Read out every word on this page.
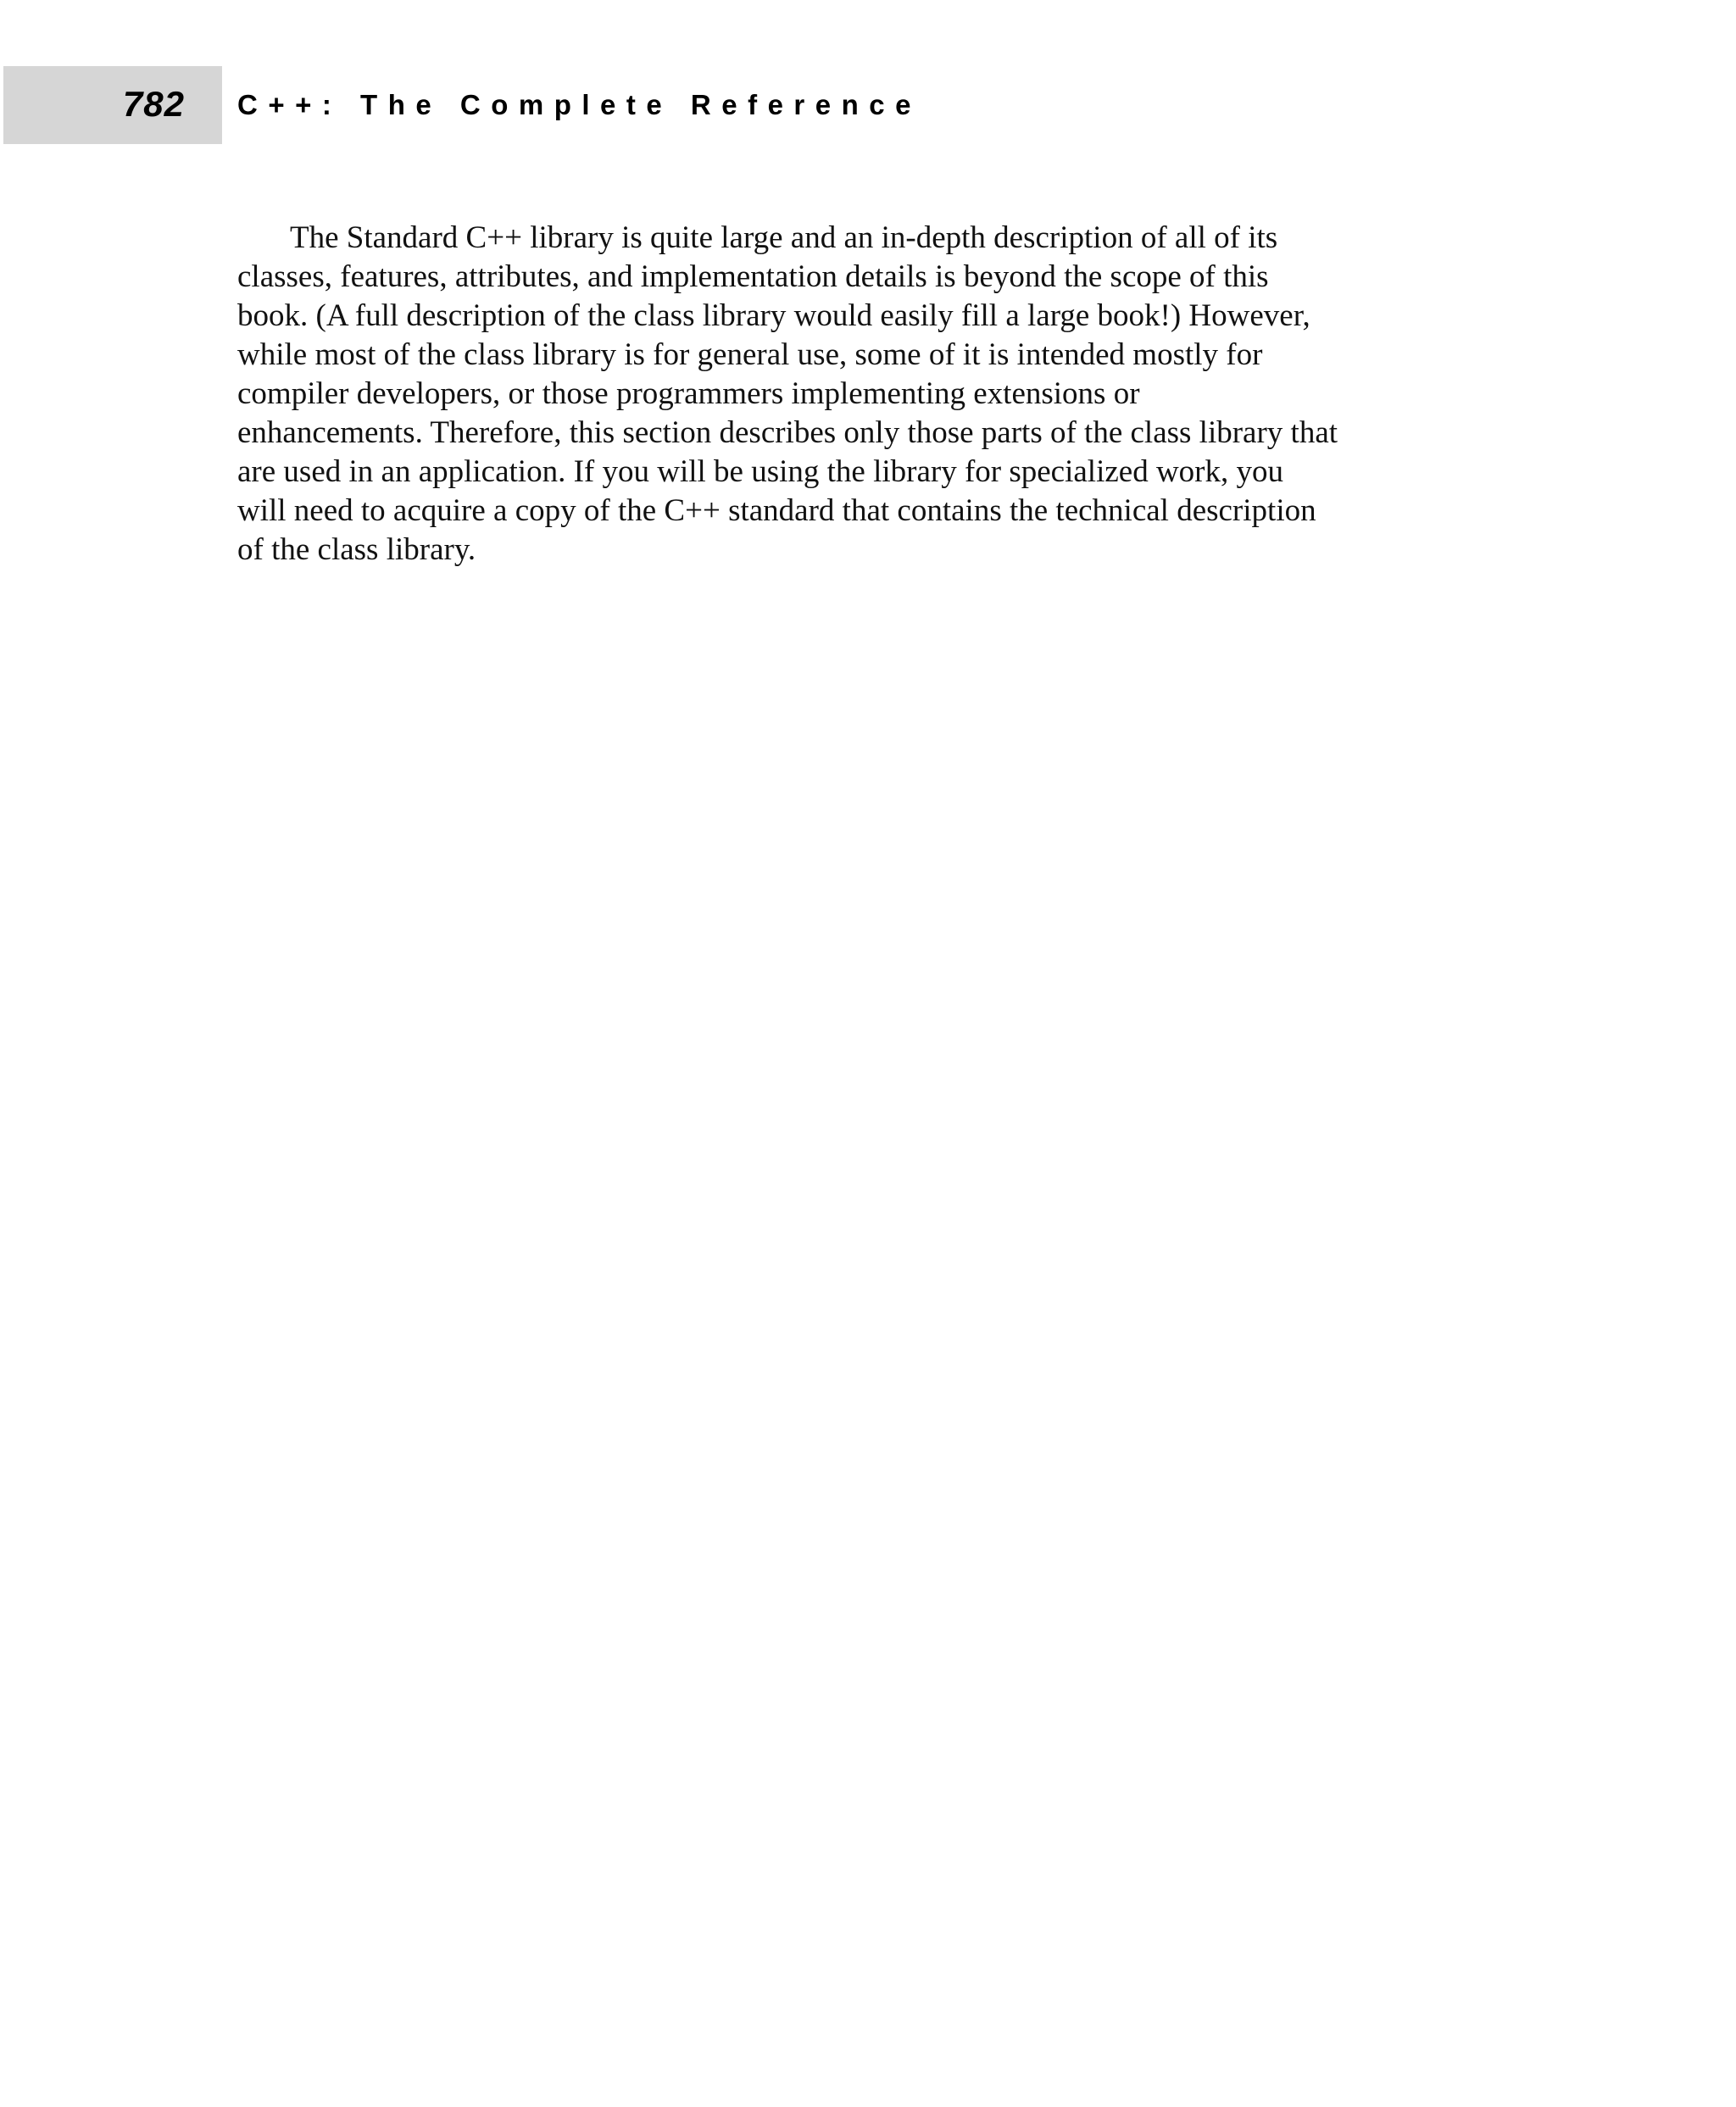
782 C++: The Complete Reference

The Standard C++ library is quite large and an in-depth description of all of its
classes, features, attributes, and implementation details is beyond the scope of this
book. (A full description of the class library would easily fill a large book!) However,
while most of the class library is for general use, some of it is intended mostly for
compiler developers, or those programmers implementing extensions or
enhancements. Therefore, this section describes only those parts of the class library that
are used in an application. If you will be using the library for specialized work, you
will need to acquire a copy of the C++ standard that contains the technical description
of the class library.
